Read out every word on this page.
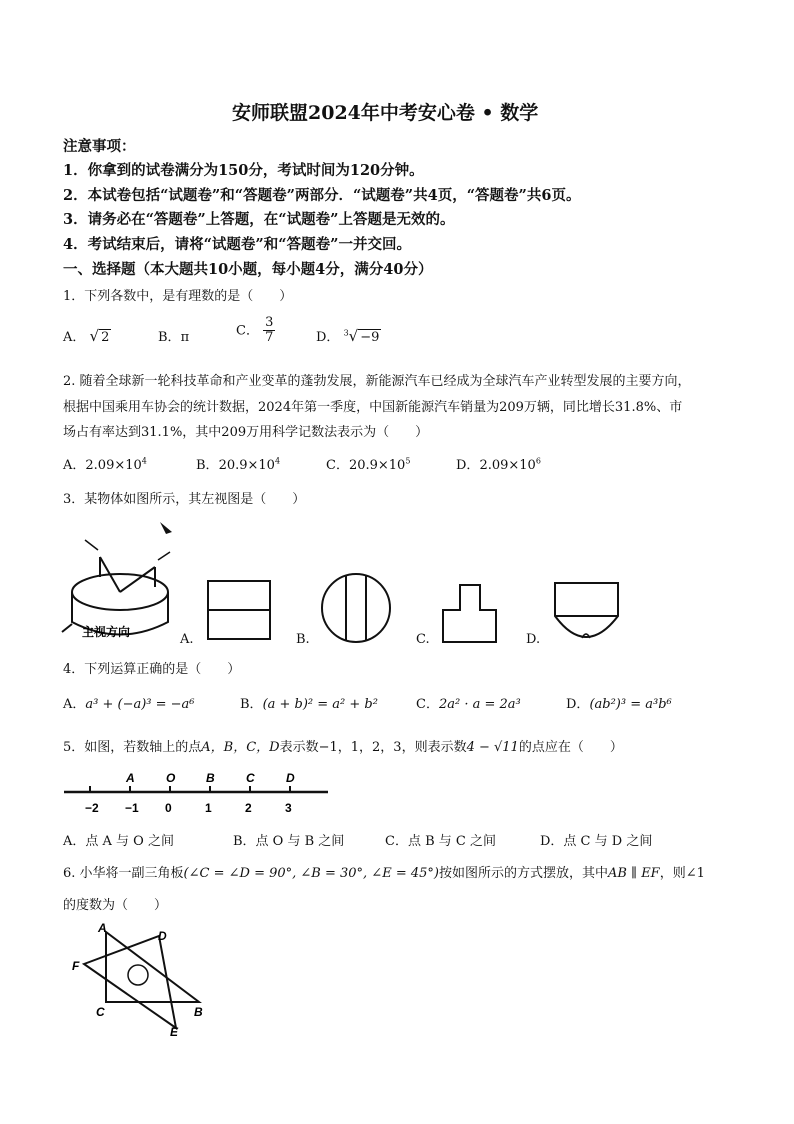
安师联盟2024年中考安心卷 • 数学
注意事项：
1．你拿到的试卷满分为150分，考试时间为120分钟。
2．本试卷包括“试题卷”和“答题卷”两部分．“试题卷”共4页，“答题卷”共6页。
3．请务必在“答题卷”上答题，在“试题卷”上答题是无效的。
4．考试结束后，请将“试题卷”和“答题卷”一并交回。
一、选择题（本大题共10小题，每小题4分，满分40分）
1．下列各数中，是有理数的是（　　）
A． √ 2	B．π	C． $\frac{3}{7}$	D． $^3$√ −9
2. 随着全球新一轮科技革命和产业变革的蓬勃发展，新能源汽车已经成为全球汽车产业转型发展的主要方向，
根据中国乘用车协会的统计数据，2024年第一季度，中国新能源汽车销量为209万辆，同比增长31.8%、市
场占有率达到31.1%，其中209万用科学记数法表示为（　　）
A．$2.09\times 10^4$	B．$20.9\times 10^4$	C．$20.9\times 10^5$	D．$2.09\times 10^6$
3．某物体如图所示，其左视图是（　　）
主视方向	A.	B.	C.	D.
4．下列运算正确的是（　　）
A．a³ + (−a)³ = −a⁶	B．(a + b)² = a² + b²	C．2a² · a = 2a³	D．(ab²)³ = a³b⁶
5．如图，若数轴上的点A，B，C，D表示数−1，1，2，3，则表示数4 − √11的点应在（　　）
−2 −1 0	1	2	3
A	O	B	C	D
A．点 A 与 O 之间	B．点 O 与 B 之间	C．点 B 与 C 之间	D．点 C 与 D 之间
6. 小华将一副三角板(∠C = ∠D = 90°, ∠B = 30°, ∠E = 45°)按如图所示的方式摆放，其中AB ∥ EF，则∠1
的度数为（　　）
A
D
F
C	B
E
